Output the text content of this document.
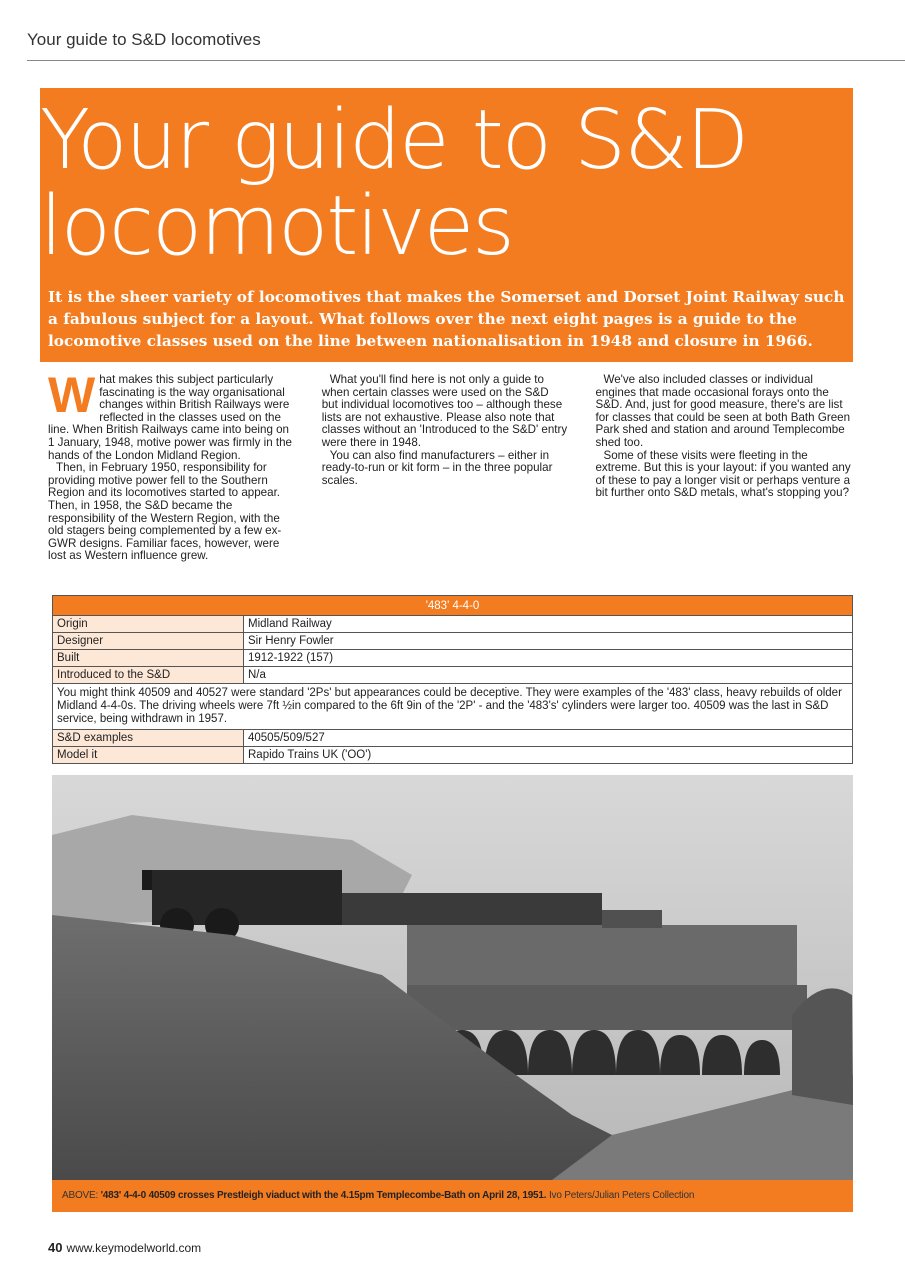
Your guide to S&D locomotives
Your guide to S&D
locomotives

It is the sheer variety of locomotives that makes the Somerset and Dorset Joint Railway such a fabulous subject for a layout. What follows over the next eight pages is a guide to the locomotive classes used on the line between nationalisation in 1948 and closure in 1966.

What makes this subject particularly fascinating is the way organisational changes within British Railways were reflected in the classes used on the line. When British Railways came into being on 1 January, 1948, motive power was firmly in the hands of the London Midland Region.

Then, in February 1950, responsibility for providing motive power fell to the Southern Region and its locomotives started to appear. Then, in 1958, the S&D became the responsibility of the Western Region, with the old stagers being complemented by a few ex-GWR designs. Familiar faces, however, were lost as Western influence grew.

What you'll find here is not only a guide to when certain classes were used on the S&D but individual locomotives too – although these lists are not exhaustive. Please also note that classes without an 'Introduced to the S&D' entry were there in 1948.

You can also find manufacturers – either in ready-to-run or kit form – in the three popular scales.

We've also included classes or individual engines that made occasional forays onto the S&D. And, just for good measure, there's are list for classes that could be seen at both Bath Green Park shed and station and around Templecombe shed too.

Some of these visits were fleeting in the extreme. But this is your layout: if you wanted any of these to pay a longer visit or perhaps venture a bit further onto S&D metals, what's stopping you?

'483' 4-4-0	
Origin	Midland Railway
Designer	Sir Henry Fowler
Built	1912-1922 (157)
Introduced to the S&D	N/a
You might think 40509 and 40527 were standard '2Ps' but appearances could be deceptive. They were examples of the '483' class, heavy rebuilds of older Midland 4-4-0s. The driving wheels were 7ft ½in compared to the 6ft 9in of the '2P' - and the '483's' cylinders were larger too. 40509 was the last in S&D service, being withdrawn in 1957.	
S&D examples	40505/509/527
Model it	Rapido Trains UK ('OO')
ABOVE: '483' 4-4-0 40509 crosses Prestleigh viaduct with the 4.15pm Templecombe-Bath on April 28, 1951. Ivo Peters/Julian Peters Collection
40 www.keymodelworld.com
